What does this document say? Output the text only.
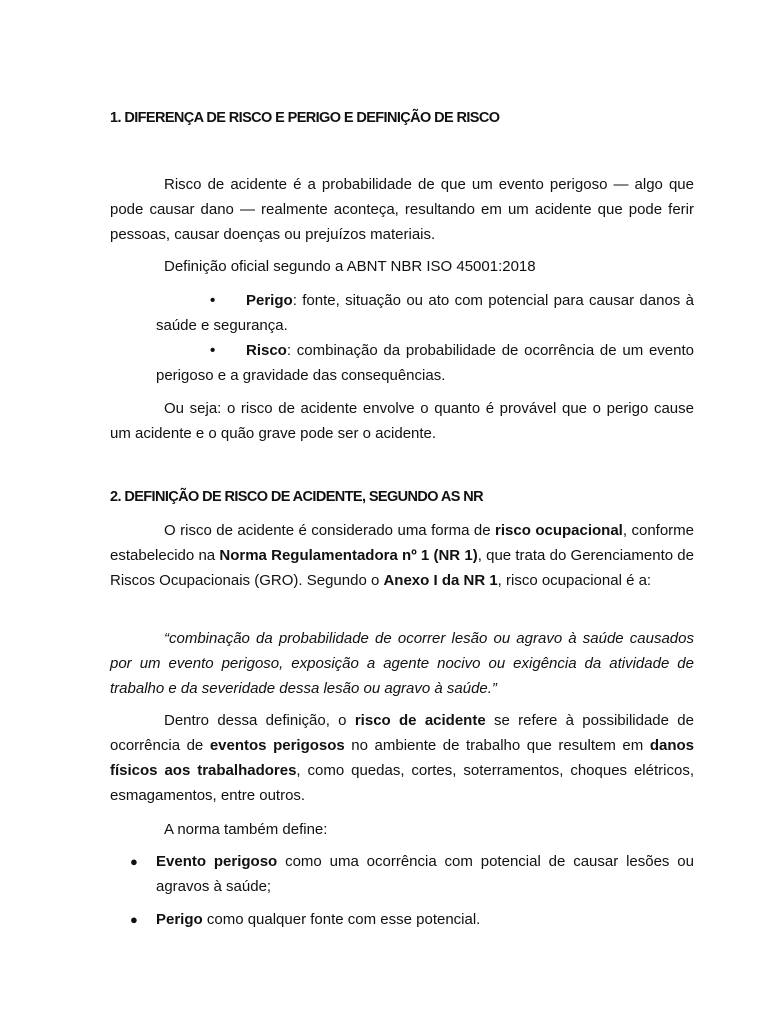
1. DIFERENÇA DE RISCO E PERIGO E DEFINIÇÃO DE RISCO
Risco de acidente é a probabilidade de que um evento perigoso — algo que pode causar dano — realmente aconteça, resultando em um acidente que pode ferir pessoas, causar doenças ou prejuízos materiais.
Definição oficial segundo a ABNT NBR ISO 45001:2018
• Perigo: fonte, situação ou ato com potencial para causar danos à saúde e segurança.
• Risco: combinação da probabilidade de ocorrência de um evento perigoso e a gravidade das consequências.
Ou seja: o risco de acidente envolve o quanto é provável que o perigo cause um acidente e o quão grave pode ser o acidente.
2. DEFINIÇÃO DE RISCO DE ACIDENTE, SEGUNDO AS NR
O risco de acidente é considerado uma forma de risco ocupacional, conforme estabelecido na Norma Regulamentadora nº 1 (NR 1), que trata do Gerenciamento de Riscos Ocupacionais (GRO). Segundo o Anexo I da NR 1, risco ocupacional é a:
“combinação da probabilidade de ocorrer lesão ou agravo à saúde causados por um evento perigoso, exposição a agente nocivo ou exigência da atividade de trabalho e da severidade dessa lesão ou agravo à saúde.”
Dentro dessa definição, o risco de acidente se refere à possibilidade de ocorrência de eventos perigosos no ambiente de trabalho que resultem em danos físicos aos trabalhadores, como quedas, cortes, soterramentos, choques elétricos, esmagamentos, entre outros.
A norma também define:
● Evento perigoso como uma ocorrência com potencial de causar lesões ou agravos à saúde;
● Perigo como qualquer fonte com esse potencial.
